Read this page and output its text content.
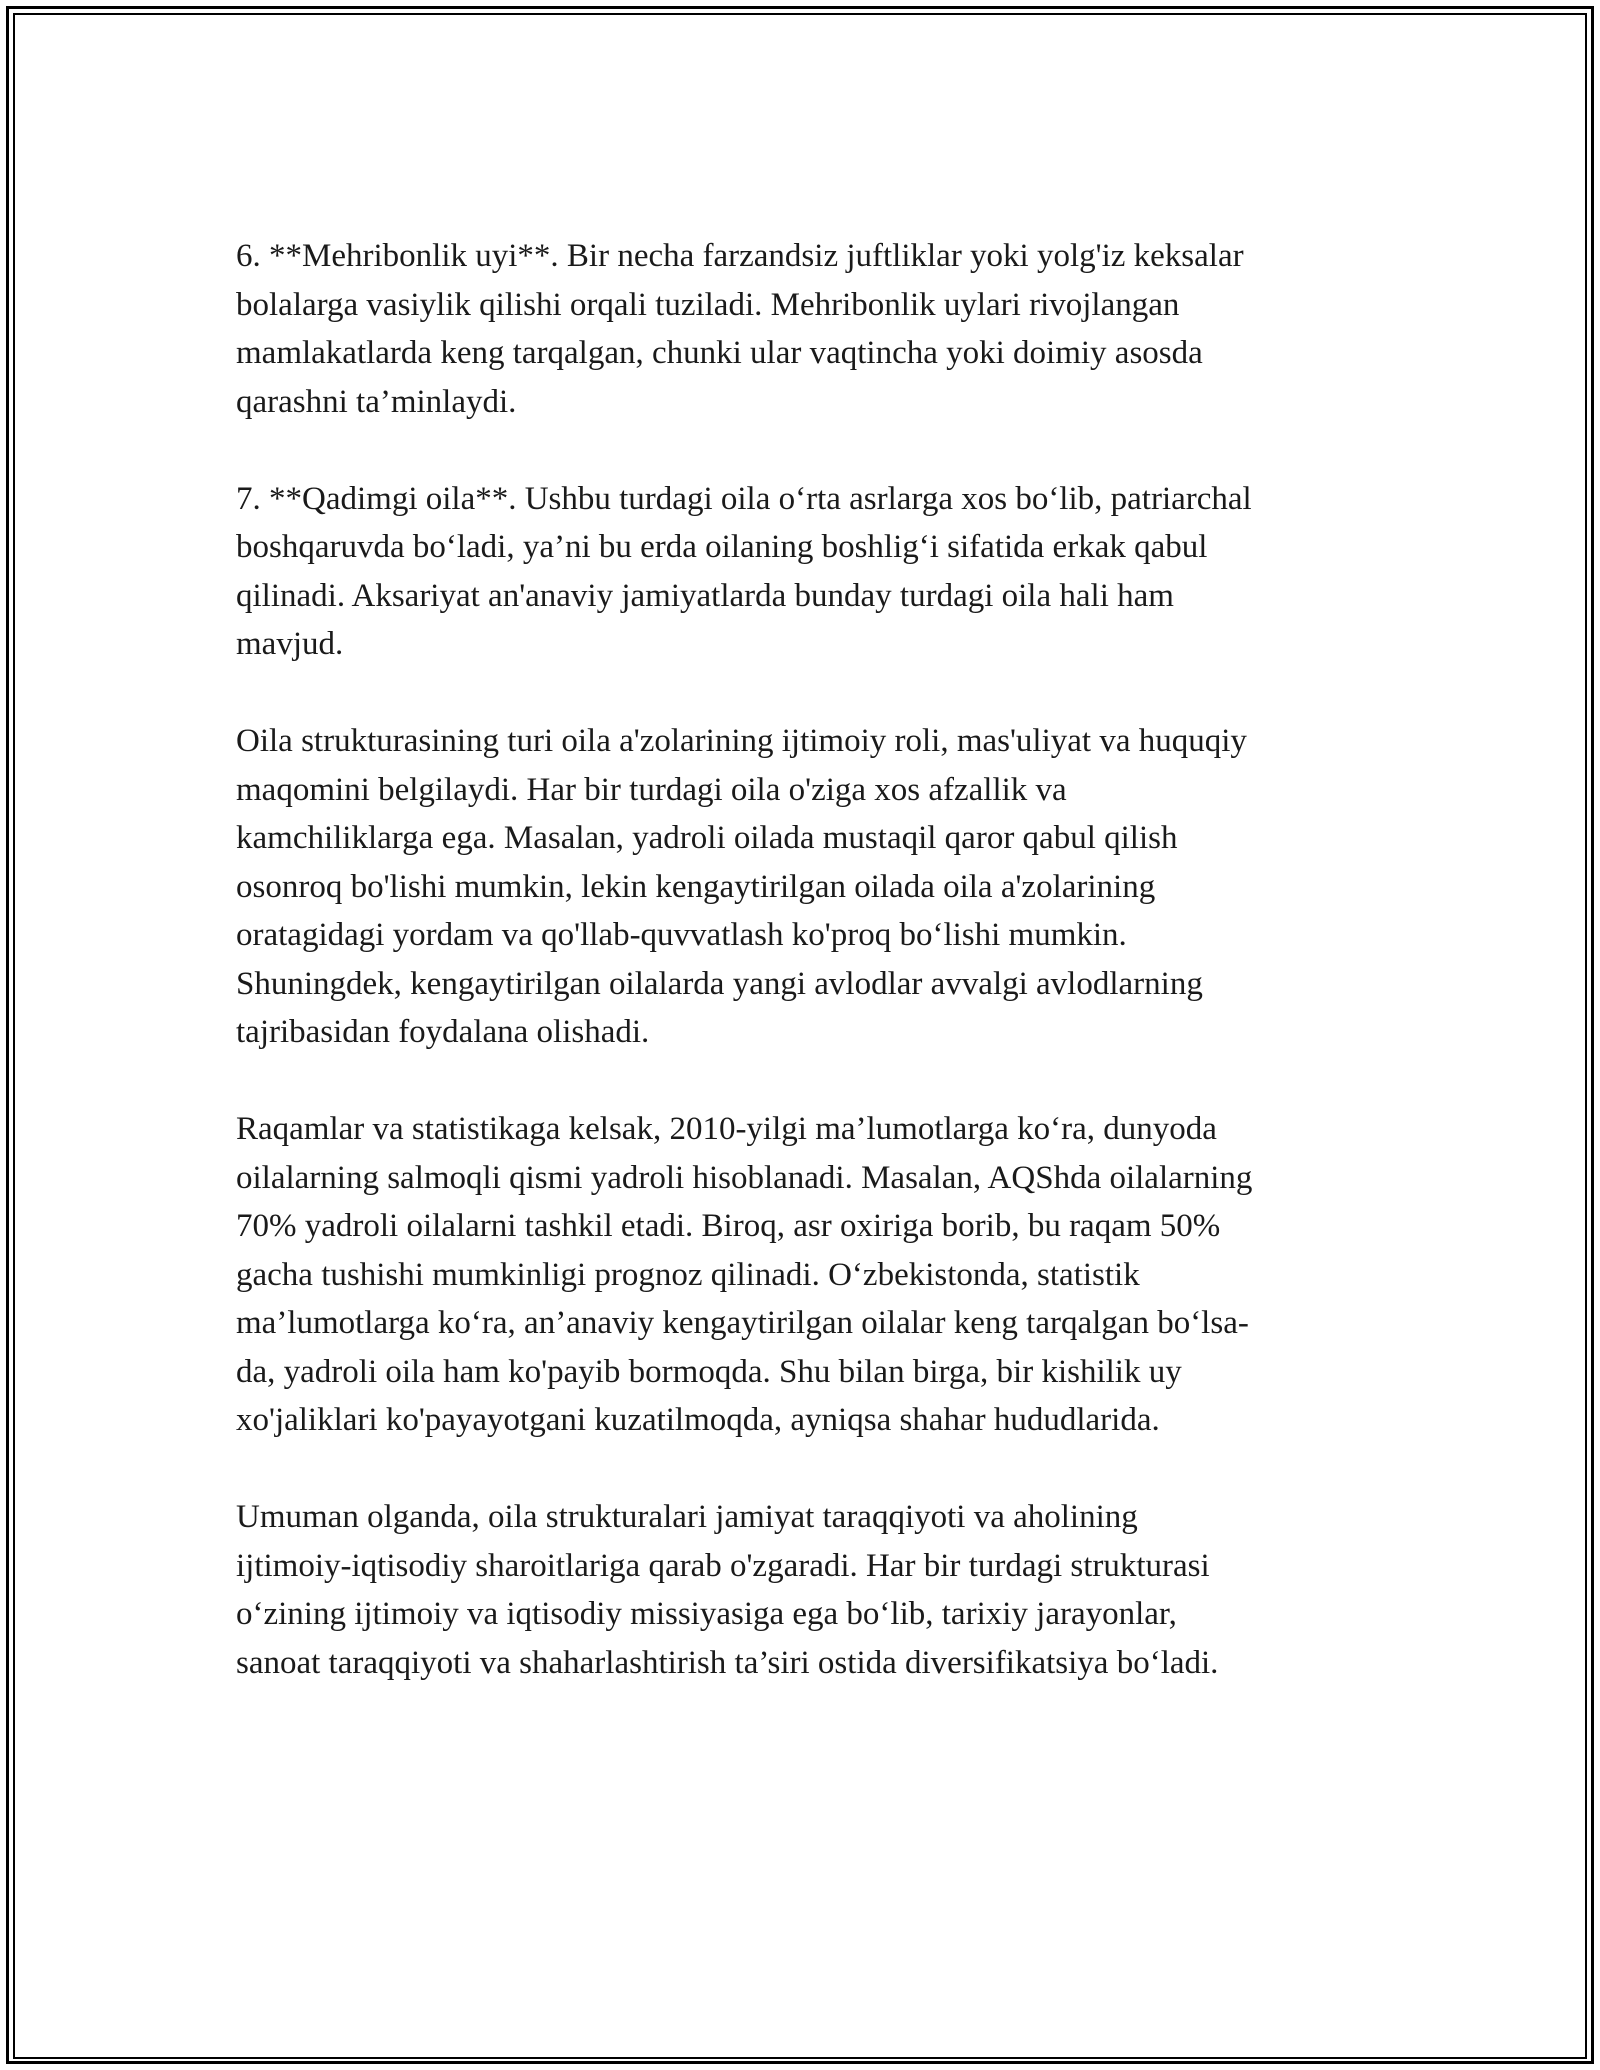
6. **Mehribonlik uyi**. Bir necha farzandsiz juftliklar yoki yolg'iz keksalar
bolalarga vasiylik qilishi orqali tuziladi. Mehribonlik uylari rivojlangan
mamlakatlarda keng tarqalgan, chunki ular vaqtincha yoki doimiy asosda
qarashni ta’minlaydi.

7. **Qadimgi oila**. Ushbu turdagi oila o‘rta asrlarga xos bo‘lib, patriarchal
boshqaruvda bo‘ladi, ya’ni bu erda oilaning boshlig‘i sifatida erkak qabul
qilinadi. Aksariyat an'anaviy jamiyatlarda bunday turdagi oila hali ham
mavjud.

Oila strukturasining turi oila a'zolarining ijtimoiy roli, mas'uliyat va huquqiy
maqomini belgilaydi. Har bir turdagi oila o'ziga xos afzallik va
kamchiliklarga ega. Masalan, yadroli oilada mustaqil qaror qabul qilish
osonroq bo'lishi mumkin, lekin kengaytirilgan oilada oila a'zolarining
oratagidagi yordam va qo'llab-quvvatlash ko'proq bo‘lishi mumkin.
Shuningdek, kengaytirilgan oilalarda yangi avlodlar avvalgi avlodlarning
tajribasidan foydalana olishadi.

Raqamlar va statistikaga kelsak, 2010-yilgi ma’lumotlarga ko‘ra, dunyoda
oilalarning salmoqli qismi yadroli hisoblanadi. Masalan, AQShda oilalarning
70% yadroli oilalarni tashkil etadi. Biroq, asr oxiriga borib, bu raqam 50%
gacha tushishi mumkinligi prognoz qilinadi. O‘zbekistonda, statistik
ma’lumotlarga ko‘ra, an’anaviy kengaytirilgan oilalar keng tarqalgan bo‘lsa-
da, yadroli oila ham ko'payib bormoqda. Shu bilan birga, bir kishilik uy
xo'jaliklari ko'payayotgani kuzatilmoqda, ayniqsa shahar hududlarida.

Umuman olganda, oila strukturalari jamiyat taraqqiyoti va aholining
ijtimoiy-iqtisodiy sharoitlariga qarab o'zgaradi. Har bir turdagi strukturasi
o‘zining ijtimoiy va iqtisodiy missiyasiga ega bo‘lib, tarixiy jarayonlar,
sanoat taraqqiyoti va shaharlashtirish ta’siri ostida diversifikatsiya bo‘ladi.
